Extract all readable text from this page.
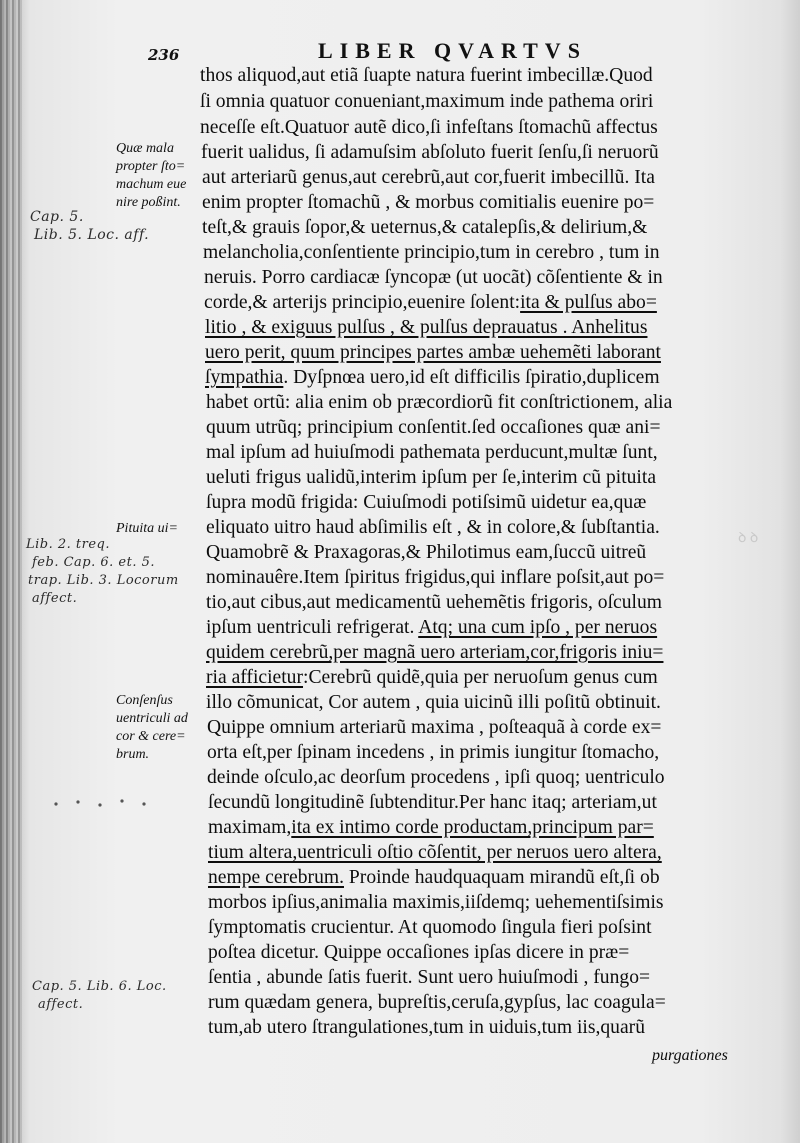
236	LIBER QVARTVS
ꝺ ꝺ
thos aliquod,aut etiã ſuapte natura fuerint imbecillæ.Quod
ſi omnia quatuor conueniant,maximum inde pathema oriri
neceſſe eſt.Quatuor autẽ dico,ſi infeſtans ſtomachũ affectus
fuerit ualidus, ſi adamuſsim abſoluto fuerit ſenſu,ſi neruorũ
aut arteriarũ genus,aut cerebrũ,aut cor,fuerit imbecillũ. Ita
enim propter ſtomachũ , & morbus comitialis euenire po=
teſt,& grauis ſopor,& ueternus,& catalepſis,& delirium,&
melancholia,conſentiente principio,tum in cerebro , tum in
neruis. Porro cardiacæ ſyncopæ (ut uocãt) cõſentiente & in
corde,& arterijs principio,euenire ſolent:ita & pulſus abo=
litio , & exiguus pulſus , & pulſus deprauatus . Anhelitus
uero perit, quum principes partes ambæ uehemẽti laborant
ſympathia. Dyſpnœa uero,id eſt difficilis ſpiratio,duplicem
habet ortũ: alia enim ob præcordiorũ fit conſtrictionem, alia
quum utrũq; principium conſentit.ſed occaſiones quæ ani=
mal ipſum ad huiuſmodi pathemata perducunt,multæ ſunt,
ueluti frigus ualidũ,interim ipſum per ſe,interim cũ pituita
ſupra modũ frigida: Cuiuſmodi potiſsimũ uidetur ea,quæ
eliquato uitro haud abſimilis eſt , & in colore,& ſubſtantia.
Quamobrẽ & Praxagoras,& Philotimus eam,ſuccũ uitreũ
nominauêre.Item ſpiritus frigidus,qui inflare poſsit,aut po=
tio,aut cibus,aut medicamentũ uehemẽtis frigoris, oſculum
ipſum uentriculi refrigerat. Atq; una cum ipſo , per neruos
quidem cerebrũ,per magnã uero arteriam,cor,frigoris iniu=
ria afficietur:Cerebrũ quidẽ,quia per neruoſum genus cum
illo cõmunicat, Cor autem , quia uicinũ illi poſitũ obtinuit.
Quippe omnium arteriarũ maxima , poſteaquã à corde ex=
orta eſt,per ſpinam incedens , in primis iungitur ſtomacho,
deinde oſculo,ac deorſum procedens , ipſi quoq; uentriculo
ſecundũ longitudinẽ ſubtenditur.Per hanc itaq; arteriam,ut
maximam,ita ex intimo corde productam,principum par=
tium altera,uentriculi oſtio cõſentit, per neruos uero altera,
nempe cerebrum. Proinde haudquaquam mirandũ eſt,ſi ob
morbos ipſius,animalia maximis,iiſdemq; uehementiſsimis
ſymptomatis crucientur. At quomodo ſingula fieri poſsint
poſtea dicetur. Quippe occaſiones ipſas dicere in præ=
ſentia , abunde ſatis fuerit. Sunt uero huiuſmodi , fungo=
rum quædam genera, bupreſtis,ceruſa,gypſus, lac coagula=
tum,ab utero ſtrangulationes,tum in uiduis,tum iis,quarũ
purgationes
Quæ mala
propter ſto=
machum eue
nire poßint.
Pituita ui=
Conſenſus
uentriculi ad
cor & cere=
brum.
Cap. 5.
Lib. 5. Loc. aff.
Lib. 2. treq.
feb. Cap. 6. et. 5.
trap. Lib. 3. Locorum
affect.
Cap. 5. Lib. 6. Loc.
affect.
